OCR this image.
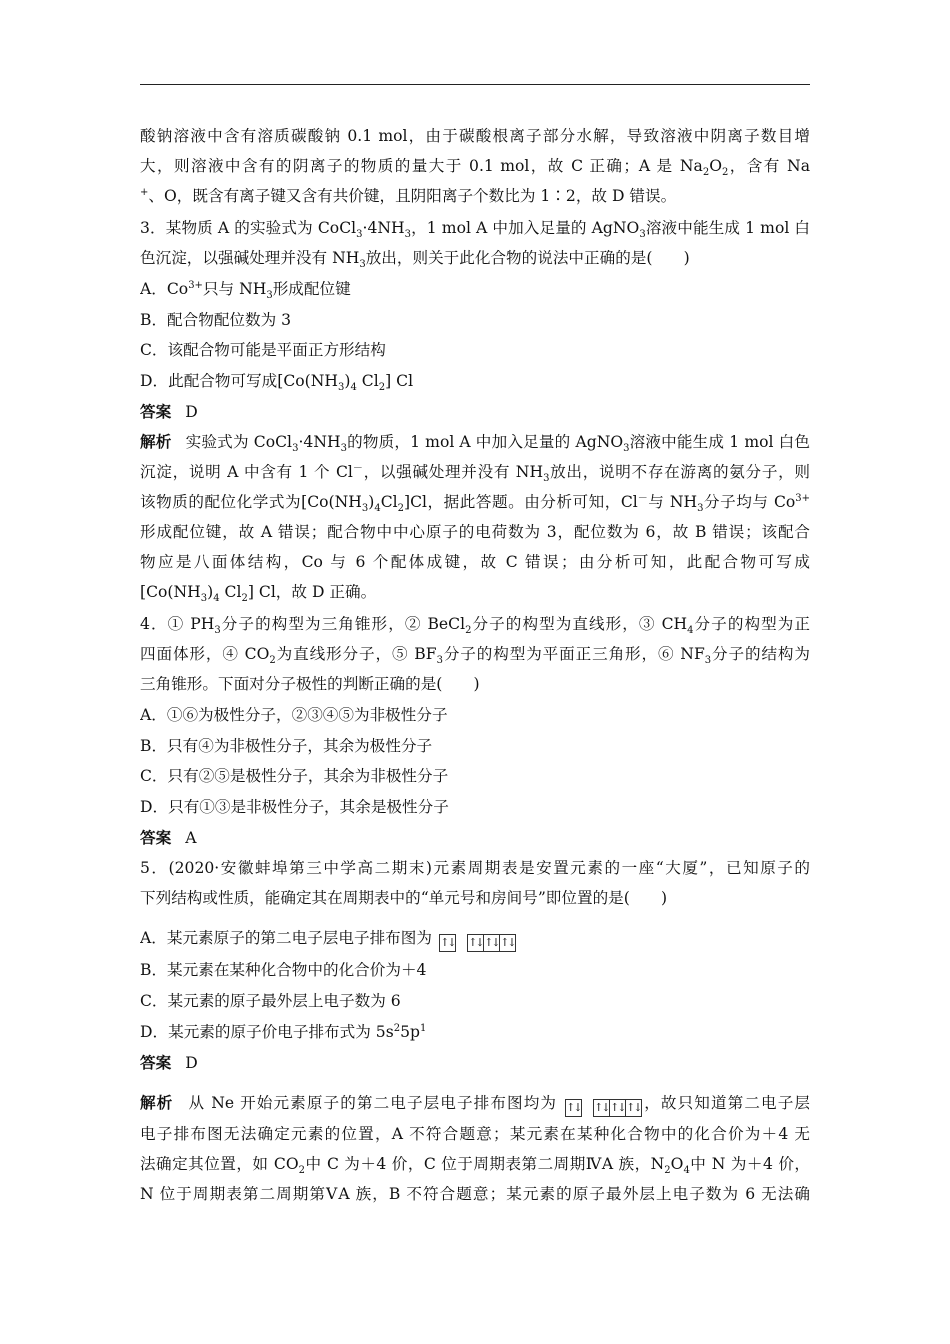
酸钠溶液中含有溶质碳酸钠 0.1 mol，由于碳酸根离子部分水解，导致溶液中阴离子数目增
大，则溶液中含有的阴离子的物质的量大于 0.1 mol，故 C 正确；A 是 $Na_2O_2$，含有 Na
+、O，既含有离子键又含有共价键，且阴阳离子个数比为 1∶2，故 D 错误。
3．某物质 A 的实验式为 $CoCl_3\cdot 4NH_3$，1 mol A 中加入足量的 AgNO$_3$溶液中能生成 1 mol 白
色沉淀，以强碱处理并没有 $NH_3$放出，则关于此化合物的说法中正确的是(　　)
A．$Co^{3+}$只与 $NH_3$形成配位键
B．配合物配位数为 3
C．该配合物可能是平面正方形结构
D．此配合物可写成[$Co(NH_3)_4$ $Cl_2$] Cl
答案 D
解析 实验式为 $CoCl_3\cdot 4NH_3$的物质，1 mol A 中加入足量的 AgNO$_3$溶液中能生成 1 mol 白色
沉淀，说明 A 中含有 1 个 Cl－，以强碱处理并没有 $NH_3$放出，说明不存在游离的氨分子，则
该物质的配位化学式为$[Co(NH_3)_4Cl_2]Cl$，据此答题。由分析可知，Cl－与 $NH_3$分子均与 $Co^{3+}$
形成配位键，故 A 错误；配合物中中心原子的电荷数为 3，配位数为 6，故 B 错误；该配合
物应是八面体结构，Co 与 6 个配体成键，故 C 错误；由分析可知，此配合物可写成
[$Co(NH_3)_4$ $Cl_2$] Cl，故 D 正确。
4．① $PH_3$分子的构型为三角锥形，② BeCl$_2$分子的构型为直线形，③ $CH_4$分子的构型为正
四面体形，④ $CO_2$为直线形分子，⑤ $BF_3$分子的构型为平面正三角形，⑥ $NF_3$分子的结构为
三角锥形。下面对分子极性的判断正确的是(　　)
A．①⑥为极性分子，②③④⑤为非极性分子
B．只有④为非极性分子，其余为极性分子
C．只有②⑤是极性分子，其余为非极性分子
D．只有①③是非极性分子，其余是极性分子
答案 A
5．(2020·安徽蚌埠第三中学高二期末)元素周期表是安置元素的一座“大厦”，已知原子的
下列结构或性质，能确定其在周期表中的“单元号和房间号”即位置的是(　　)
A．某元素原子的第二电子层电子排布图为 ↑↓ ↑↓ ↑↓ ↑↓
B．某元素在某种化合物中的化合价为＋4
C．某元素的原子最外层上电子数为 6
D．某元素的原子价电子排布式为 $5s^25p^1$
答案 D
解析 从 Ne 开始元素原子的第二电子层电子排布图均为 ↑↓ ↑↓ ↑↓ ↑↓ ，故只知道第二电子层
电子排布图无法确定元素的位置，A 不符合题意；某元素在某种化合物中的化合价为＋4 无
法确定其位置，如 $CO_2$中 C 为＋4 价，C 位于周期表第二周期ⅣA 族，$N_2O_4$中 N 为＋4 价，
N 位于周期表第二周期第ⅤA 族，B 不符合题意；某元素的原子最外层上电子数为 6 无法确
